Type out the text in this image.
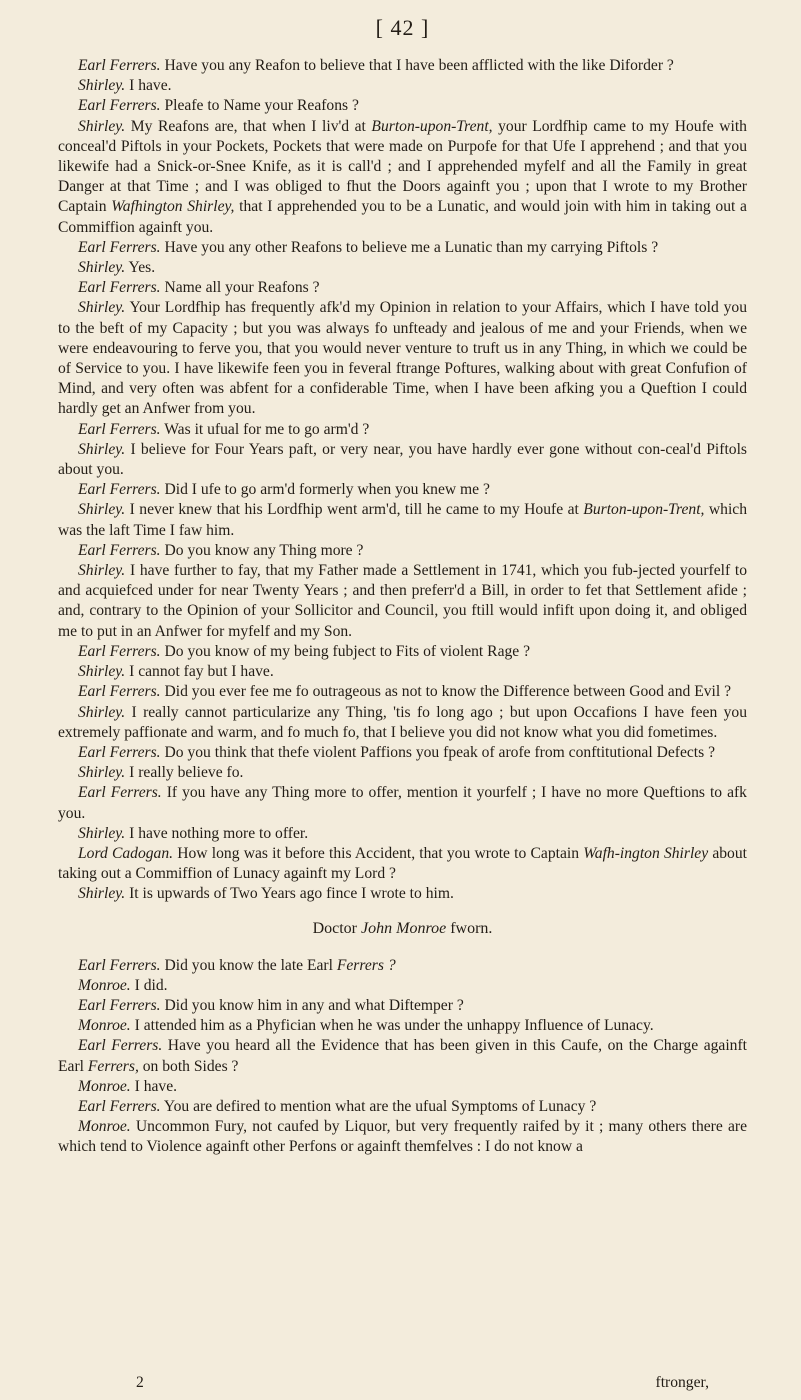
[ 42 ]

Earl Ferrers. Have you any Reafon to believe that I have been afflicted with the like Diforder ?

Shirley. I have.

Earl Ferrers. Pleafe to Name your Reafons ?

Shirley. My Reafons are, that when I liv'd at Burton-upon-Trent, your Lordfhip came to my Houfe with conceal'd Piftols in your Pockets, Pockets that were made on Purpofe for that Ufe I apprehend ; and that you likewife had a Snick-or-Snee Knife, as it is call'd ; and I apprehended myfelf and all the Family in great Danger at that Time ; and I was obliged to fhut the Doors againft you ; upon that I wrote to my Brother Captain Wafhington Shirley, that I apprehended you to be a Lunatic, and would join with him in taking out a Commiffion againft you.

Earl Ferrers. Have you any other Reafons to believe me a Lunatic than my carrying Piftols ?

Shirley. Yes.

Earl Ferrers. Name all your Reafons ?

Shirley. Your Lordfhip has frequently afk'd my Opinion in relation to your Affairs, which I have told you to the beft of my Capacity ; but you was always fo unfteady and jealous of me and your Friends, when we were endeavouring to ferve you, that you would never venture to truft us in any Thing, in which we could be of Service to you. I have likewife feen you in feveral ftrange Poftures, walking about with great Confufion of Mind, and very often was abfent for a confiderable Time, when I have been afking you a Queftion I could hardly get an Anfwer from you.

Earl Ferrers. Was it ufual for me to go arm'd ?

Shirley. I believe for Four Years paft, or very near, you have hardly ever gone without con-ceal'd Piftols about you.

Earl Ferrers. Did I ufe to go arm'd formerly when you knew me ?

Shirley. I never knew that his Lordfhip went arm'd, till he came to my Houfe at Burton-upon-Trent, which was the laft Time I faw him.

Earl Ferrers. Do you know any Thing more ?

Shirley. I have further to fay, that my Father made a Settlement in 1741, which you fub-jected yourfelf to and acquiefced under for near Twenty Years ; and then preferr'd a Bill, in order to fet that Settlement afide ; and, contrary to the Opinion of your Sollicitor and Council, you ftill would infift upon doing it, and obliged me to put in an Anfwer for myfelf and my Son.

Earl Ferrers. Do you know of my being fubject to Fits of violent Rage ?

Shirley. I cannot fay but I have.

Earl Ferrers. Did you ever fee me fo outrageous as not to know the Difference between Good and Evil ?

Shirley. I really cannot particularize any Thing, 'tis fo long ago ; but upon Occafions I have feen you extremely paffionate and warm, and fo much fo, that I believe you did not know what you did fometimes.

Earl Ferrers. Do you think that thefe violent Paffions you fpeak of arofe from conftitutional Defects ?

Shirley. I really believe fo.

Earl Ferrers. If you have any Thing more to offer, mention it yourfelf ; I have no more Queftions to afk you.

Shirley. I have nothing more to offer.

Lord Cadogan. How long was it before this Accident, that you wrote to Captain Wafh-ington Shirley about taking out a Commiffion of Lunacy againft my Lord ?

Shirley. It is upwards of Two Years ago fince I wrote to him.

Doctor John Monroe fworn.

Earl Ferrers. Did you know the late Earl Ferrers ?

Monroe. I did.

Earl Ferrers. Did you know him in any and what Diftemper ?

Monroe. I attended him as a Phyfician when he was under the unhappy Influence of Lunacy.

Earl Ferrers. Have you heard all the Evidence that has been given in this Caufe, on the Charge againft Earl Ferrers, on both Sides ?

Monroe. I have.

Earl Ferrers. You are defired to mention what are the ufual Symptoms of Lunacy ?

Monroe. Uncommon Fury, not caufed by Liquor, but very frequently raifed by it ; many others there are which tend to Violence againft other Perfons or againft themfelves : I do not know a

2	ftronger,
